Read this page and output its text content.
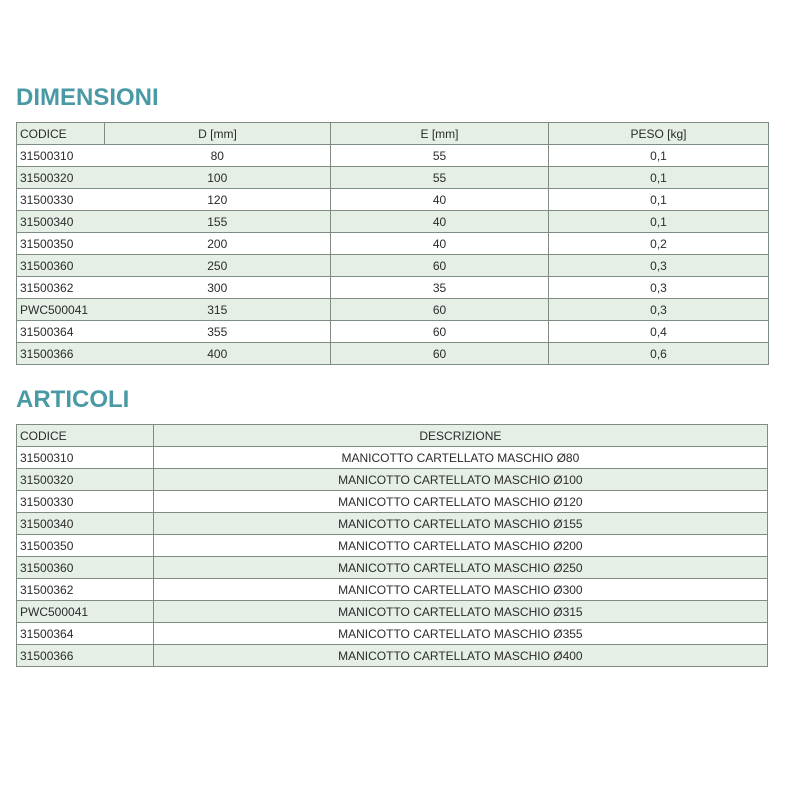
DIMENSIONI
CODICE	D [mm]	E [mm]	PESO [kg]
31500310	80	55	0,1
31500320	100	55	0,1
31500330	120	40	0,1
31500340	155	40	0,1
31500350	200	40	0,2
31500360	250	60	0,3
31500362	300	35	0,3
PWC500041	315	60	0,3
31500364	355	60	0,4
31500366	400	60	0,6
ARTICOLI
CODICE	DESCRIZIONE
31500310	MANICOTTO CARTELLATO MASCHIO Ø80
31500320	MANICOTTO CARTELLATO MASCHIO Ø100
31500330	MANICOTTO CARTELLATO MASCHIO Ø120
31500340	MANICOTTO CARTELLATO MASCHIO Ø155
31500350	MANICOTTO CARTELLATO MASCHIO Ø200
31500360	MANICOTTO CARTELLATO MASCHIO Ø250
31500362	MANICOTTO CARTELLATO MASCHIO Ø300
PWC500041	MANICOTTO CARTELLATO MASCHIO Ø315
31500364	MANICOTTO CARTELLATO MASCHIO Ø355
31500366	MANICOTTO CARTELLATO MASCHIO Ø400
